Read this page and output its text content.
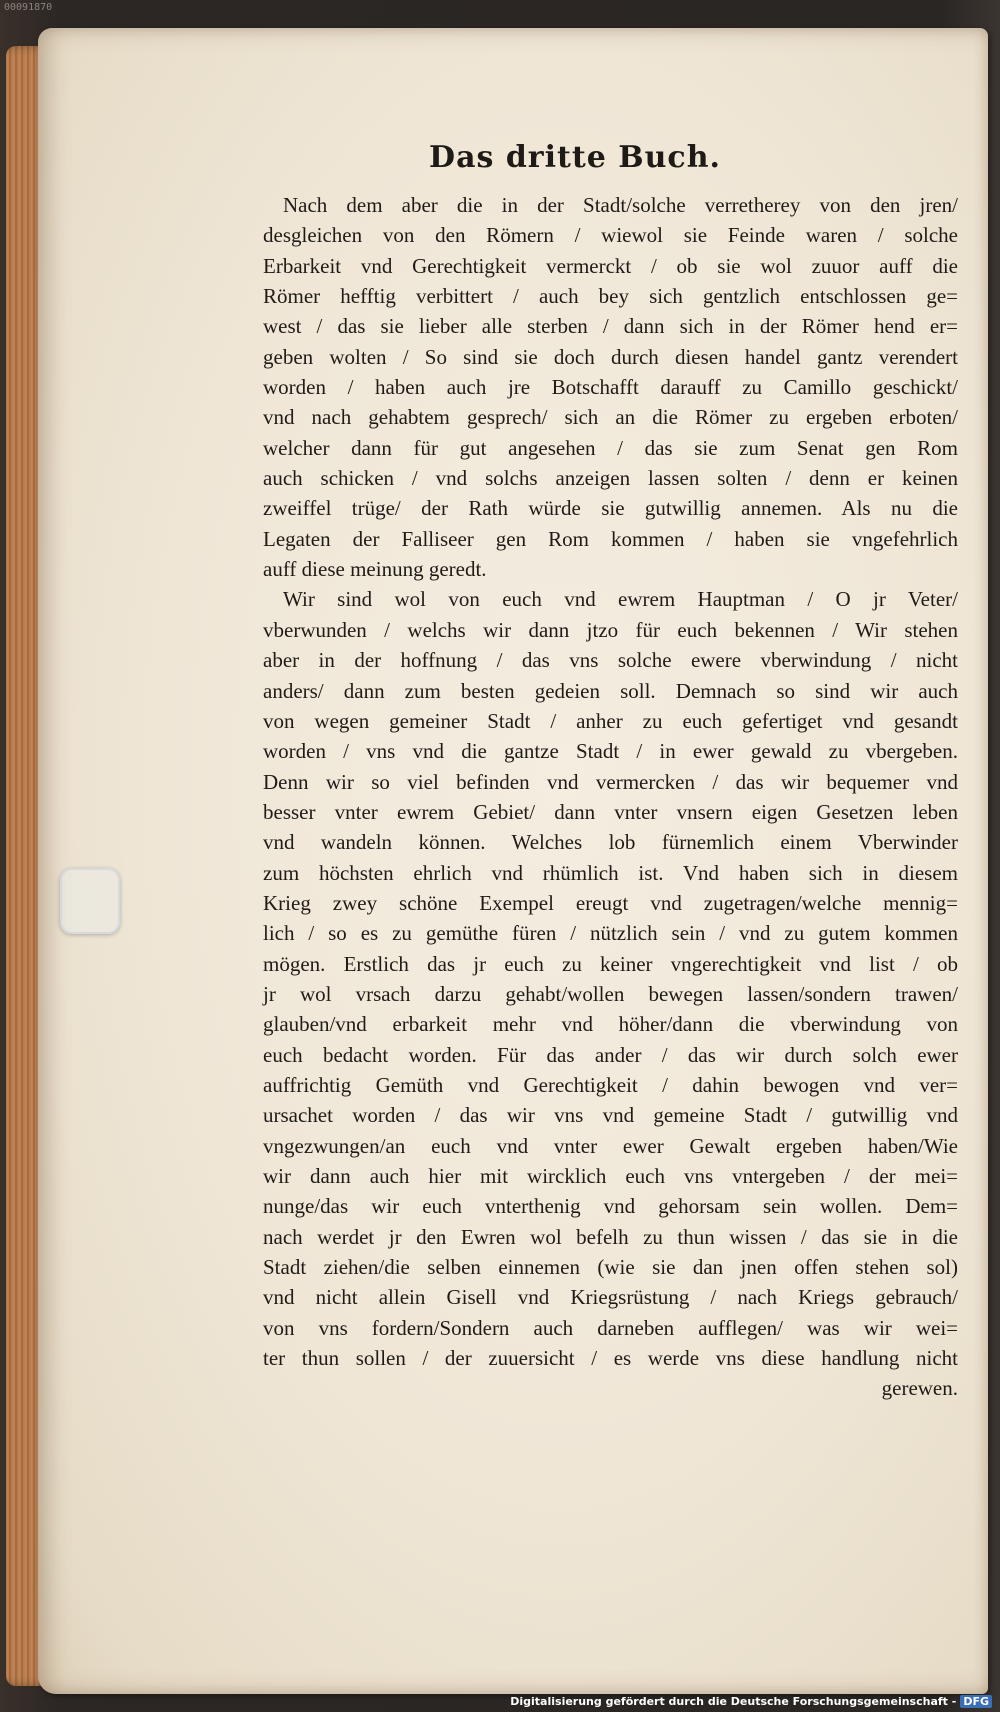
00091870
Das dritte Buch.
Nach dem aber die in der Stadt/solche verretherey von den jren/
desgleichen von den Römern / wiewol sie Feinde waren / solche
Erbarkeit vnd Gerechtigkeit vermerckt / ob sie wol zuuor auff die
Römer hefftig verbittert / auch bey sich gentzlich entschlossen ge=
west / das sie lieber alle sterben / dann sich in der Römer hend er=
geben wolten / So sind sie doch durch diesen handel gantz verendert
worden / haben auch jre Botschafft darauff zu Camillo geschickt/
vnd nach gehabtem gesprech/ sich an die Römer zu ergeben erboten/
welcher dann für gut angesehen / das sie zum Senat gen Rom
auch schicken / vnd solchs anzeigen lassen solten / denn er keinen
zweiffel trüge/ der Rath würde sie gutwillig annemen. Als nu die
Legaten der Falliseer gen Rom kommen / haben sie vngefehrlich
auff diese meinung geredt.
Wir sind wol von euch vnd ewrem Hauptman / O jr Veter/
vberwunden / welchs wir dann jtzo für euch bekennen / Wir stehen
aber in der hoffnung / das vns solche ewere vberwindung / nicht
anders/ dann zum besten gedeien soll. Demnach so sind wir auch
von wegen gemeiner Stadt / anher zu euch gefertiget vnd gesandt
worden / vns vnd die gantze Stadt / in ewer gewald zu vbergeben.
Denn wir so viel befinden vnd vermercken / das wir bequemer vnd
besser vnter ewrem Gebiet/ dann vnter vnsern eigen Gesetzen leben
vnd wandeln können. Welches lob fürnemlich einem Vberwinder
zum höchsten ehrlich vnd rhümlich ist. Vnd haben sich in diesem
Krieg zwey schöne Exempel ereugt vnd zugetragen/welche mennig=
lich / so es zu gemüthe füren / nützlich sein / vnd zu gutem kommen
mögen. Erstlich das jr euch zu keiner vngerechtigkeit vnd list / ob
jr wol vrsach darzu gehabt/wollen bewegen lassen/sondern trawen/
glauben/vnd erbarkeit mehr vnd höher/dann die vberwindung von
euch bedacht worden. Für das ander / das wir durch solch ewer
auffrichtig Gemüth vnd Gerechtigkeit / dahin bewogen vnd ver=
ursachet worden / das wir vns vnd gemeine Stadt / gutwillig vnd
vngezwungen/an euch vnd vnter ewer Gewalt ergeben haben/Wie
wir dann auch hier mit wircklich euch vns vntergeben / der mei=
nunge/das wir euch vnterthenig vnd gehorsam sein wollen. Dem=
nach werdet jr den Ewren wol befelh zu thun wissen / das sie in die
Stadt ziehen/die selben einnemen (wie sie dan jnen offen stehen sol)
vnd nicht allein Gisell vnd Kriegsrüstung / nach Kriegs gebrauch/
von vns fordern/Sondern auch darneben aufflegen/ was wir wei=
ter thun sollen / der zuuersicht / es werde vns diese handlung nicht
gerewen.
Digitalisierung gefördert durch die Deutsche Forschungsgemeinschaft - DFG
